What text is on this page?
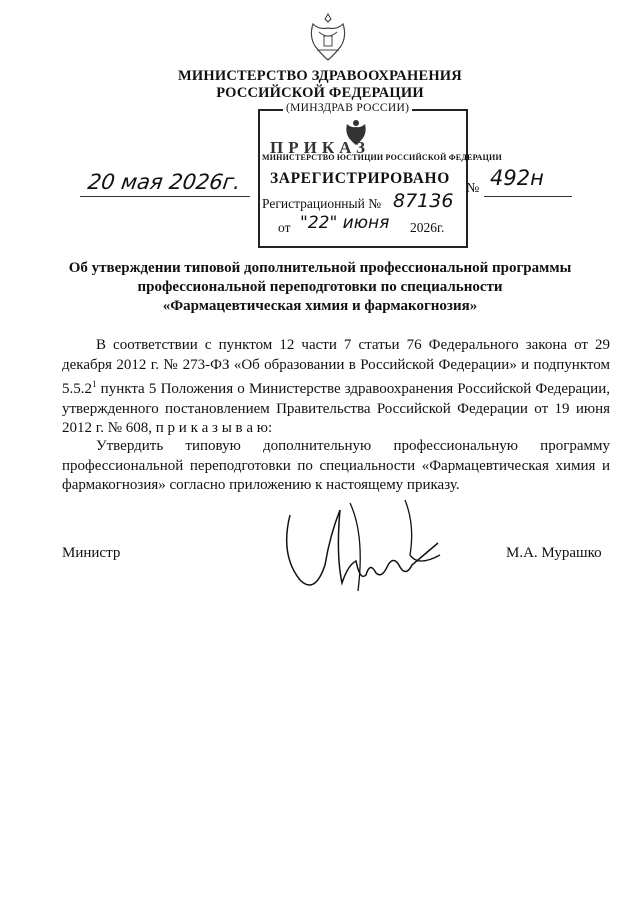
МИНИСТЕРСТВО ЗДРАВООХРАНЕНИЯ
РОССИЙСКОЙ ФЕДЕРАЦИИ
(МИНЗДРАВ РОССИИ)
ПРИКАЗ
МИНИСТЕРСТВО ЮСТИЦИИ РОССИЙСКОЙ ФЕДЕРАЦИИ
ЗАРЕГИСТРИРОВАНО
Регистрационный № 87136
от "22" июня 2026г.
20 мая 2026г.	№ 492н
Об утверждении типовой дополнительной профессиональной программы
профессиональной переподготовки по специальности
«Фармацевтическая химия и фармакогнозия»
В соответствии с пунктом 12 части 7 статьи 76 Федерального закона от 29 декабря 2012 г. № 273-ФЗ «Об образовании в Российской Федерации» и подпунктом 5.5.2$^1$ пункта 5 Положения о Министерстве здравоохранения Российской Федерации, утвержденного постановлением Правительства Российской Федерации от 19 июня 2012 г. № 608, п р и к а з ы в а ю:
Утвердить типовую дополнительную профессиональную программу профессиональной переподготовки по специальности «Фармацевтическая химия и фармакогнозия» согласно приложению к настоящему приказу.
Министр	М.А. Мурашко
